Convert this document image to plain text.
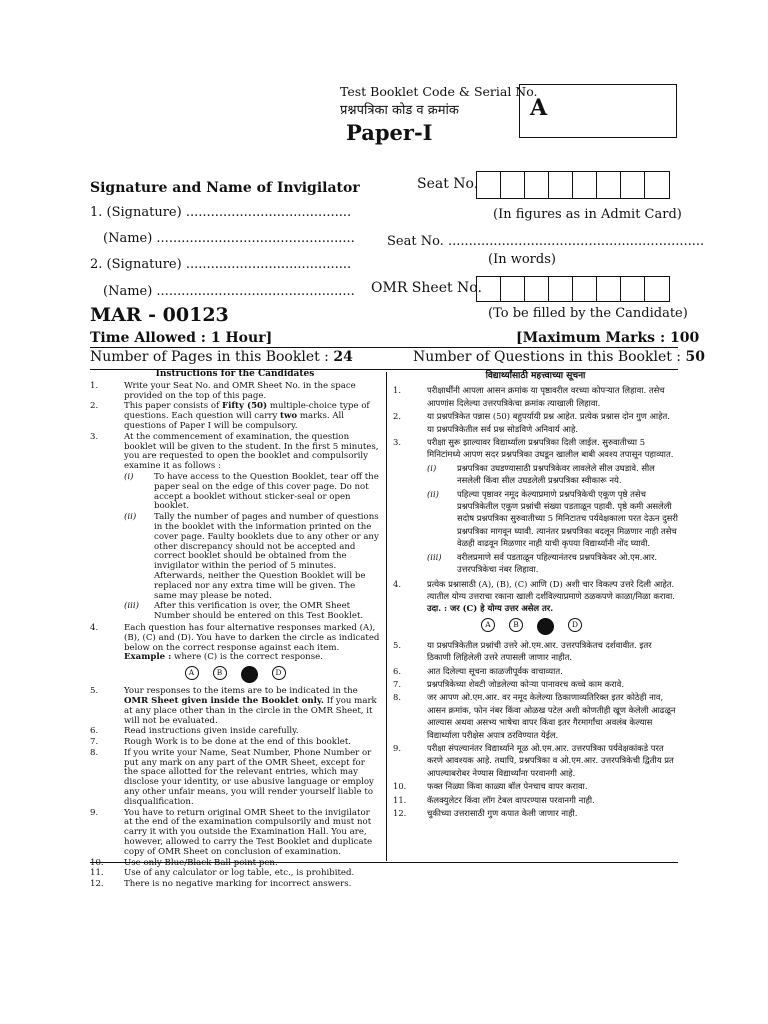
Test Booklet Code & Serial No.
प्रश्नपत्रिका कोड व क्रमांक	A
Paper-I
Signature and Name of Invigilator
1. (Signature) ........................................
(Name) ................................................
2. (Signature) ........................................
(Name) ................................................
Seat No.
(In figures as in Admit Card)
Seat No. ..............................................................
(In words)
OMR Sheet No.
(To be filled by the Candidate)
MAR - 00123
Time Allowed : 1 Hour]	[Maximum Marks : 100
Number of Pages in this Booklet : 24	Number of Questions in this Booklet : 50
Instructions for the Candidates
1.	Write your Seat No. and OMR Sheet No. in the space provided on the top of this page.
2.	This paper consists of Fifty (50) multiple-choice type of questions. Each question will carry two marks. All questions of Paper I will be compulsory.
3.	At the commencement of examination, the question booklet will be given to the student. In the first 5 minutes, you are requested to open the booklet and compulsorily examine it as follows :
(i)	To have access to the Question Booklet, tear off the paper seal on the edge of this cover page. Do not accept a booklet without sticker-seal or open booklet.
(ii)	Tally the number of pages and number of questions in the booklet with the information printed on the cover page. Faulty booklets due to any other or any other discrepancy should not be accepted and correct booklet should be obtained from the invigilator within the period of 5 minutes. Afterwards, neither the Question Booklet will be replaced nor any extra time will be given. The same may please be noted.
(iii)	After this verification is over, the OMR Sheet Number should be entered on this Test Booklet.
4.	Each question has four alternative responses marked (A), (B), (C) and (D). You have to darken the circle as indicated below on the correct response against each item.
Example : where (C) is the correct response.
A	B	D
5.	Your responses to the items are to be indicated in the OMR Sheet given inside the Booklet only. If you mark at any place other than in the circle in the OMR Sheet, it will not be evaluated.
6.	Read instructions given inside carefully.
7.	Rough Work is to be done at the end of this booklet.
8.	If you write your Name, Seat Number, Phone Number or put any mark on any part of the OMR Sheet, except for the space allotted for the relevant entries, which may disclose your identity, or use abusive language or employ any other unfair means, you will render yourself liable to disqualification.
9.	You have to return original OMR Sheet to the invigilator at the end of the examination compulsorily and must not carry it with you outside the Examination Hall. You are, however, allowed to carry the Test Booklet and duplicate copy of OMR Sheet on conclusion of examination.
10.	Use only Blue/Black Ball point pen.
11.	Use of any calculator or log table, etc., is prohibited.
12.	There is no negative marking for incorrect answers.
विद्यार्थ्यांसाठी महत्त्वाच्या सूचना
1.	परीक्षार्थींनी आपला आसन क्रमांक या पृष्ठावरील वरच्या कोपऱ्यात लिहावा. तसेच आपणांस दिलेल्या उत्तरपत्रिकेचा क्रमांक त्याखाली लिहावा.
2.	या प्रश्नपत्रिकेत पन्नास (50) बहुपर्यायी प्रश्न आहेत. प्रत्येक प्रश्नास दोन गुण आहेत. या प्रश्नपत्रिकेतील सर्व प्रश्न सोडविणे अनिवार्य आहे.
3.	परीक्षा सुरू झाल्यावर विद्यार्थ्याला प्रश्नपत्रिका दिली जाईल. सुरुवातीच्या 5 मिनिटांमध्ये आपण सदर प्रश्नपत्रिका उघडून खालील बाबी अवश्य तपासून पहाव्यात.
(i)	प्रश्नपत्रिका उघडण्यासाठी प्रश्नपत्रिकेवर लावलेले सील उघडावे. सील नसलेली किंवा सील उघडलेली प्रश्नपत्रिका स्वीकारू नये.
(ii)	पहिल्या पृष्ठावर नमूद केल्याप्रमाणे प्रश्नपत्रिकेची एकूण पृष्ठे तसेच प्रश्नपत्रिकेतील एकूण प्रश्नांची संख्या पडताळून पहावी. पृष्ठे कमी असलेली सदोष प्रश्नपत्रिका सुरुवातीच्या 5 मिनिटातच पर्यवेक्षकाला परत देऊन दुसरी प्रश्नपत्रिका मागवून घ्यावी. त्यानंतर प्रश्नपत्रिका बदलून मिळणार नाही तसेच वेळही वाढवून मिळणार नाही याची कृपया विद्यार्थ्यांनी नोंद घ्यावी.
(iii)	वरीलप्रमाणे सर्व पडताळून पहिल्यानंतरच प्रश्नपत्रिकेवर ओ.एम.आर. उत्तरपत्रिकेचा नंबर लिहावा.
4.	प्रत्येक प्रश्नासाठी (A), (B), (C) आणि (D) अशी चार विकल्प उत्तरे दिली आहेत. त्यातील योग्य उत्तराचा रकाना खाली दर्शविल्याप्रमाणे ठळकपणे काळा/निळा करावा.
उदा. : जर (C) हे योग्य उत्तर असेल तर.
A	B	D
5.	या प्रश्नपत्रिकेतील प्रश्नांची उत्तरे ओ.एम.आर. उत्तरपत्रिकेतच दर्शवावीत. इतर ठिकाणी लिहिलेली उत्तरे तपासली जाणार नाहीत.
6.	आत दिलेल्या सूचना काळजीपूर्वक वाचाव्यात.
7.	प्रश्नपत्रिकेच्या शेवटी जोडलेल्या कोऱ्या पानावरच कच्चे काम करावे.
8.	जर आपण ओ.एम.आर. वर नमूद केलेल्या ठिकाणाव्यतिरिक्त इतर कोठेही नाव, आसन क्रमांक, फोन नंबर किंवा ओळख पटेल अशी कोणतीही खूण केलेली आढळून आल्यास अथवा असभ्य भाषेचा वापर किंवा इतर गैरमार्गांचा अवलंब केल्यास विद्यार्थ्याला परीक्षेस अपात्र ठरविण्यात येईल.
9.	परीक्षा संपल्यानंतर विद्यार्थ्याने मूळ ओ.एम.आर. उत्तरपत्रिका पर्यवेक्षकांकडे परत करणे आवश्यक आहे. तथापि, प्रश्नपत्रिका व ओ.एम.आर. उत्तरपत्रिकेची द्वितीय प्रत आपल्याबरोबर नेण्यास विद्यार्थ्यांना परवानगी आहे.
10.	फक्त निळ्या किंवा काळ्या बॉल पेनचाच वापर करावा.
11.	कॅलक्युलेटर किंवा लॉग टेबल वापरण्यास परवानगी नाही.
12.	चुकीच्या उत्तरासाठी गुण कपात केली जाणार नाही.
